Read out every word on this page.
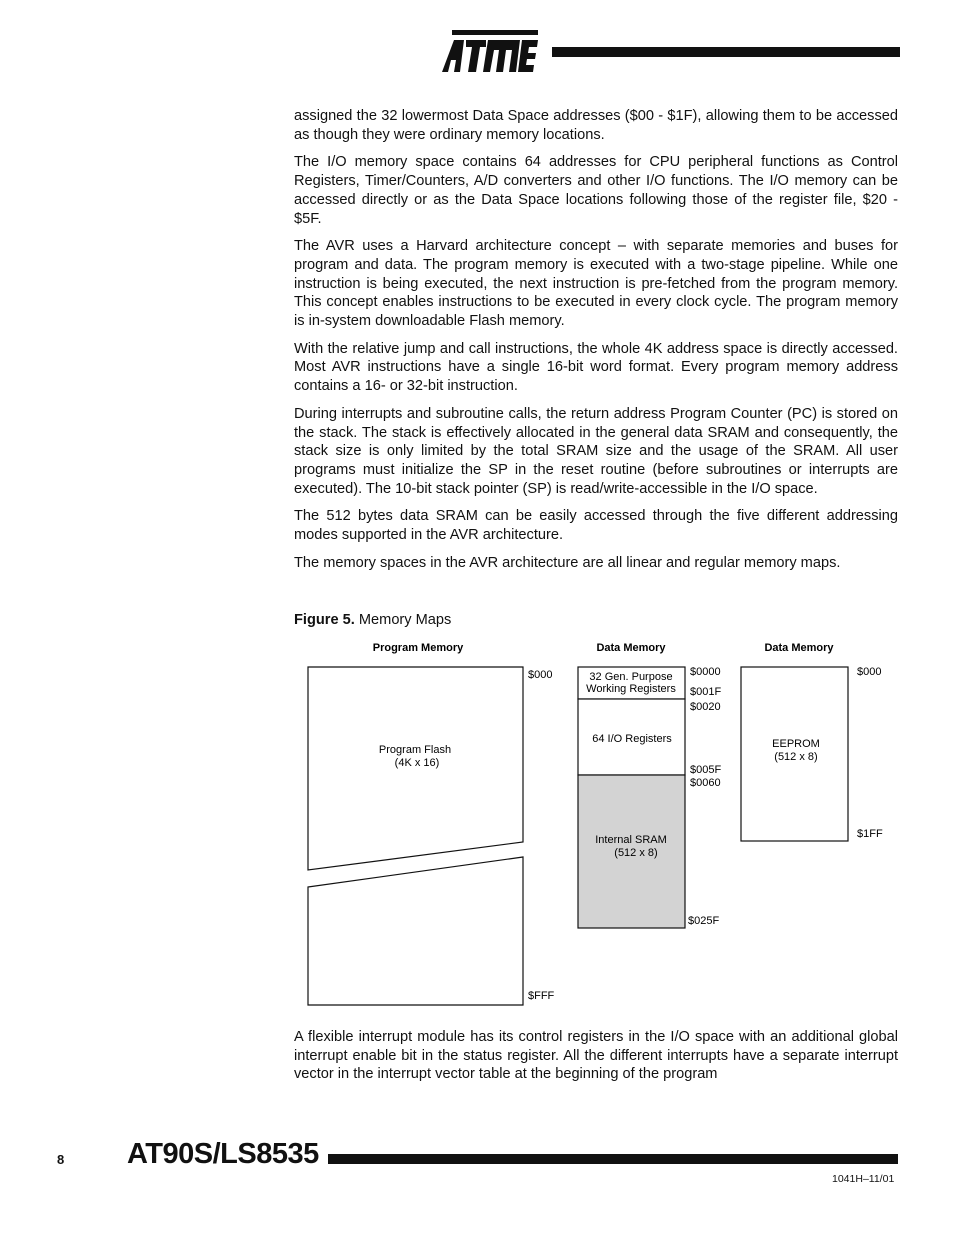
assigned the 32 lowermost Data Space addresses ($00 - $1F), allowing them to be accessed as though they were ordinary memory locations.

The I/O memory space contains 64 addresses for CPU peripheral functions as Control Registers, Timer/Counters, A/D converters and other I/O functions. The I/O memory can be accessed directly or as the Data Space locations following those of the register file, $20 - $5F.

The AVR uses a Harvard architecture concept – with separate memories and buses for program and data. The program memory is executed with a two-stage pipeline. While one instruction is being executed, the next instruction is pre-fetched from the program memory. This concept enables instructions to be executed in every clock cycle. The program memory is in-system downloadable Flash memory.

With the relative jump and call instructions, the whole 4K address space is directly accessed. Most AVR instructions have a single 16-bit word format. Every program memory address contains a 16- or 32-bit instruction.

During interrupts and subroutine calls, the return address Program Counter (PC) is stored on the stack. The stack is effectively allocated in the general data SRAM and consequently, the stack size is only limited by the total SRAM size and the usage of the SRAM. All user programs must initialize the SP in the reset routine (before subroutines or interrupts are executed). The 10-bit stack pointer (SP) is read/write-accessible in the I/O space.

The 512 bytes data SRAM can be easily accessed through the five different addressing modes supported in the AVR architecture.

The memory spaces in the AVR architecture are all linear and regular memory maps.

Figure 5. Memory Maps
Program Memory
Program Flash
(4K x 16)
$000
$FFF
Data Memory
32 Gen. Purpose
Working Registers
64 I/O Registers
Internal SRAM
(512 x 8)
$0000
$001F
$0020
$005F
$0060
$025F
Data Memory
EEPROM
(512 x 8)
$000
$1FF

A flexible interrupt module has its control registers in the I/O space with an additional global interrupt enable bit in the status register. All the different interrupts have a separate interrupt vector in the interrupt vector table at the beginning of the program

8 AT90S/LS8535
1041H–11/01
